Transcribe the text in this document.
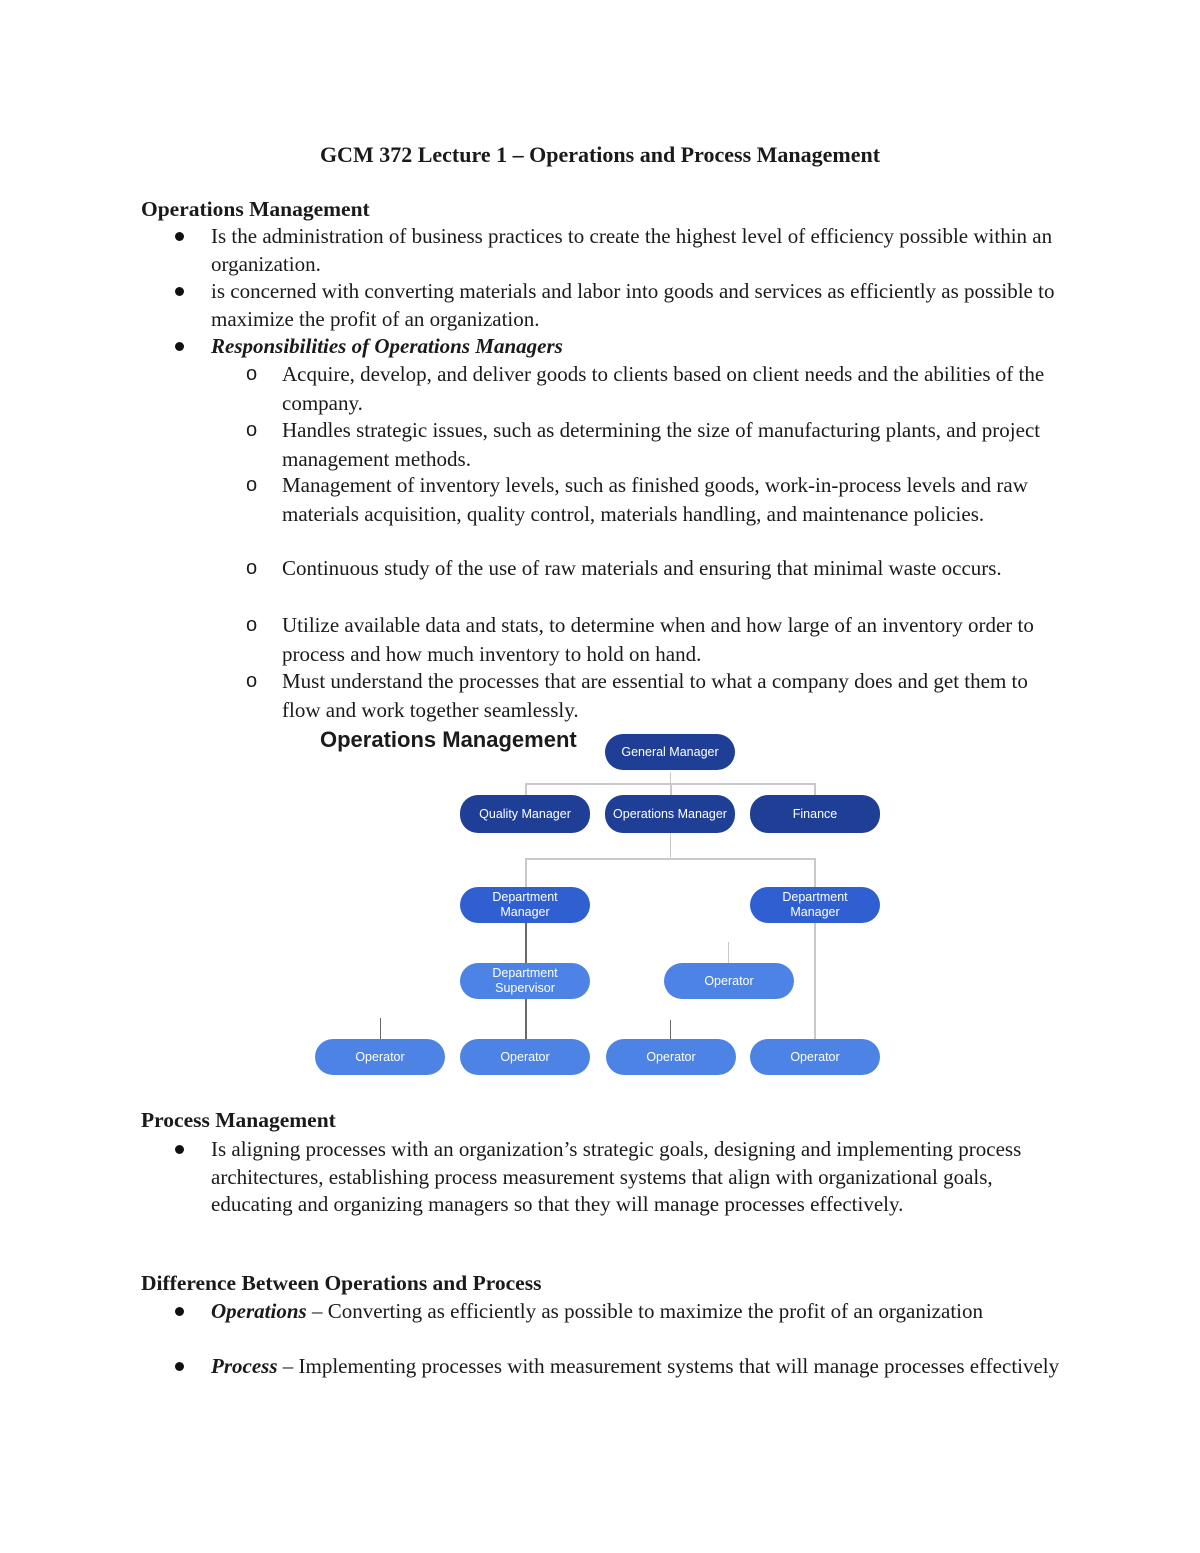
GCM 372 Lecture 1 – Operations and Process Management
Operations Management
Is the administration of business practices to create the highest level of efficiency possible within an organization.
is concerned with converting materials and labor into goods and services as efficiently as possible to maximize the profit of an organization.
Responsibilities of Operations Managers
o Acquire, develop, and deliver goods to clients based on client needs and the abilities of the company.
o Handles strategic issues, such as determining the size of manufacturing plants, and project management methods.
o Management of inventory levels, such as finished goods, work-in-process levels and raw materials acquisition, quality control, materials handling, and maintenance policies.
o Continuous study of the use of raw materials and ensuring that minimal waste occurs.
o Utilize available data and stats, to determine when and how large of an inventory order to process and how much inventory to hold on hand.
o Must understand the processes that are essential to what a company does and get them to flow and work together seamlessly.
Operations Management	General Manager
Quality Manager	Operations Manager	Finance
Department Manager
Department Manager
Department Supervisor
Operator
Operator	Operator	Operator	Operator
Process Management
Is aligning processes with an organization’s strategic goals, designing and implementing process architectures, establishing process measurement systems that align with organizational goals, educating and organizing managers so that they will manage processes effectively.
Difference Between Operations and Process
Operations – Converting as efficiently as possible to maximize the profit of an organization
Process – Implementing processes with measurement systems that will manage processes effectively
